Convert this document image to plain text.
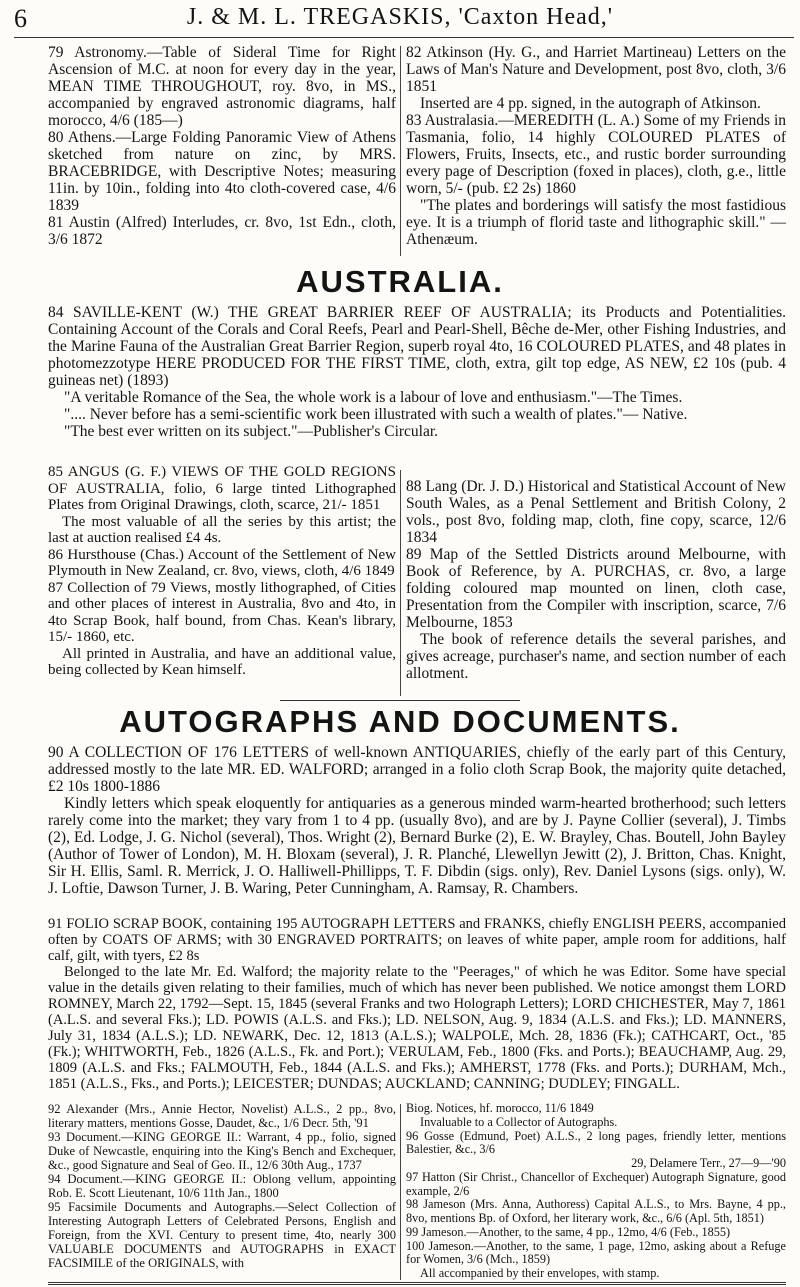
6	J. & M. L. TREGASKIS, 'Caxton Head,'

79 Astronomy.—Table of Sideral Time for Right Ascension of M.C. at noon for every day in the year, MEAN TIME THROUGHOUT, roy. 8vo, in MS., accompanied by engraved astronomic diagrams, half morocco, 4/6 (185—)

80 Athens.—Large Folding Panoramic View of Athens sketched from nature on zinc, by MRS. BRACEBRIDGE, with Descriptive Notes; measuring 11in. by 10in., folding into 4to cloth-covered case, 4/6 1839

81 Austin (Alfred) Interludes, cr. 8vo, 1st Edn., cloth, 3/6 1872

82 Atkinson (Hy. G., and Harriet Martineau) Letters on the Laws of Man's Nature and Development, post 8vo, cloth, 3/6 1851

Inserted are 4 pp. signed, in the autograph of Atkinson.

83 Australasia.—MEREDITH (L. A.) Some of my Friends in Tasmania, folio, 14 highly COLOURED PLATES of Flowers, Fruits, Insects, etc., and rustic border surrounding every page of Description (foxed in places), cloth, g.e., little worn, 5/- (pub. £2 2s) 1860

"The plates and borderings will satisfy the most fastidious eye. It is a triumph of florid taste and lithographic skill." — Athenæum.

AUSTRALIA.

84 SAVILLE-KENT (W.) THE GREAT BARRIER REEF OF AUSTRALIA; its Products and Potentialities. Containing Account of the Corals and Coral Reefs, Pearl and Pearl-Shell, Bêche de-Mer, other Fishing Industries, and the Marine Fauna of the Australian Great Barrier Region, superb royal 4to, 16 COLOURED PLATES, and 48 plates in photomezzotype HERE PRODUCED FOR THE FIRST TIME, cloth, extra, gilt top edge, AS NEW, £2 10s (pub. 4 guineas net) (1893)

"A veritable Romance of the Sea, the whole work is a labour of love and enthusiasm."—The Times.

".... Never before has a semi-scientific work been illustrated with such a wealth of plates."— Native.

"The best ever written on its subject."—Publisher's Circular.

85 ANGUS (G. F.) VIEWS OF THE GOLD REGIONS OF AUSTRALIA, folio, 6 large tinted Lithographed Plates from Original Drawings, cloth, scarce, 21/- 1851

The most valuable of all the series by this artist; the last at auction realised £4 4s.

86 Hursthouse (Chas.) Account of the Settlement of New Plymouth in New Zealand, cr. 8vo, views, cloth, 4/6 1849

87 Collection of 79 Views, mostly lithographed, of Cities and other places of interest in Australia, 8vo and 4to, in 4to Scrap Book, half bound, from Chas. Kean's library, 15/- 1860, etc.

All printed in Australia, and have an additional value, being collected by Kean himself.

88 Lang (Dr. J. D.) Historical and Statistical Account of New South Wales, as a Penal Settlement and British Colony, 2 vols., post 8vo, folding map, cloth, fine copy, scarce, 12/6 1834

89 Map of the Settled Districts around Melbourne, with Book of Reference, by A. PURCHAS, cr. 8vo, a large folding coloured map mounted on linen, cloth case, Presentation from the Compiler with inscription, scarce, 7/6 Melbourne, 1853

The book of reference details the several parishes, and gives acreage, purchaser's name, and section number of each allotment.

AUTOGRAPHS AND DOCUMENTS.

90 A COLLECTION OF 176 LETTERS of well-known ANTIQUARIES, chiefly of the early part of this Century, addressed mostly to the late MR. ED. WALFORD; arranged in a folio cloth Scrap Book, the majority quite detached, £2 10s 1800-1886

Kindly letters which speak eloquently for antiquaries as a generous minded warm-hearted brotherhood; such letters rarely come into the market; they vary from 1 to 4 pp. (usually 8vo), and are by J. Payne Collier (several), J. Timbs (2), Ed. Lodge, J. G. Nichol (several), Thos. Wright (2), Bernard Burke (2), E. W. Brayley, Chas. Boutell, John Bayley (Author of Tower of London), M. H. Bloxam (several), J. R. Planché, Llewellyn Jewitt (2), J. Britton, Chas. Knight, Sir H. Ellis, Saml. R. Merrick, J. O. Halliwell-Phillipps, T. F. Dibdin (sigs. only), Rev. Daniel Lysons (sigs. only), W. J. Loftie, Dawson Turner, J. B. Waring, Peter Cunningham, A. Ramsay, R. Chambers.

91 FOLIO SCRAP BOOK, containing 195 AUTOGRAPH LETTERS and FRANKS, chiefly ENGLISH PEERS, accompanied often by COATS OF ARMS; with 30 ENGRAVED PORTRAITS; on leaves of white paper, ample room for additions, half calf, gilt, with tyers, £2 8s

Belonged to the late Mr. Ed. Walford; the majority relate to the "Peerages," of which he was Editor. Some have special value in the details given relating to their families, much of which has never been published. We notice amongst them LORD ROMNEY, March 22, 1792—Sept. 15, 1845 (several Franks and two Holograph Letters); LORD CHICHESTER, May 7, 1861 (A.L.S. and several Fks.); LD. POWIS (A.L.S. and Fks.); LD. NELSON, Aug. 9, 1834 (A.L.S. and Fks.); LD. MANNERS, July 31, 1834 (A.L.S.); LD. NEWARK, Dec. 12, 1813 (A.L.S.); WALPOLE, Mch. 28, 1836 (Fk.); CATHCART, Oct., '85 (Fk.); WHITWORTH, Feb., 1826 (A.L.S., Fk. and Port.); VERULAM, Feb., 1800 (Fks. and Ports.); BEAUCHAMP, Aug. 29, 1809 (A.L.S. and Fks.; FALMOUTH, Feb., 1844 (A.L.S. and Fks.); AMHERST, 1778 (Fks. and Ports.); DURHAM, Mch., 1851 (A.L.S., Fks., and Ports.); LEICESTER; DUNDAS; AUCKLAND; CANNING; DUDLEY; FINGALL.

92 Alexander (Mrs., Annie Hector, Novelist) A.L.S., 2 pp., 8vo, literary matters, mentions Gosse, Daudet, &c., 1/6 Decr. 5th, '91

93 Document.—KING GEORGE II.: Warrant, 4 pp., folio, signed Duke of Newcastle, enquiring into the King's Bench and Exchequer, &c., good Signature and Seal of Geo. II., 12/6 30th Aug., 1737

94 Document.—KING GEORGE II.: Oblong vellum, appointing Rob. E. Scott Lieutenant, 10/6 11th Jan., 1800

95 Facsimile Documents and Autographs.—Select Collection of Interesting Autograph Letters of Celebrated Persons, English and Foreign, from the XVI. Century to present time, 4to, nearly 300 VALUABLE DOCUMENTS and AUTOGRAPHS in EXACT FACSIMILE of the ORIGINALS, with

Biog. Notices, hf. morocco, 11/6 1849

Invaluable to a Collector of Autographs.

96 Gosse (Edmund, Poet) A.L.S., 2 long pages, friendly letter, mentions Balestier, &c., 3/6

29, Delamere Terr., 27—9—'90

97 Hatton (Sir Christ., Chancellor of Exchequer) Autograph Signature, good example, 2/6

98 Jameson (Mrs. Anna, Authoress) Capital A.L.S., to Mrs. Bayne, 4 pp., 8vo, mentions Bp. of Oxford, her literary work, &c., 6/6 (Apl. 5th, 1851)

99 Jameson.—Another, to the same, 4 pp., 12mo, 4/6 (Feb., 1855)

100 Jameson.—Another, to the same, 1 page, 12mo, asking about a Refuge for Women, 3/6 (Mch., 1859)

All accompanied by their envelopes, with stamp.
